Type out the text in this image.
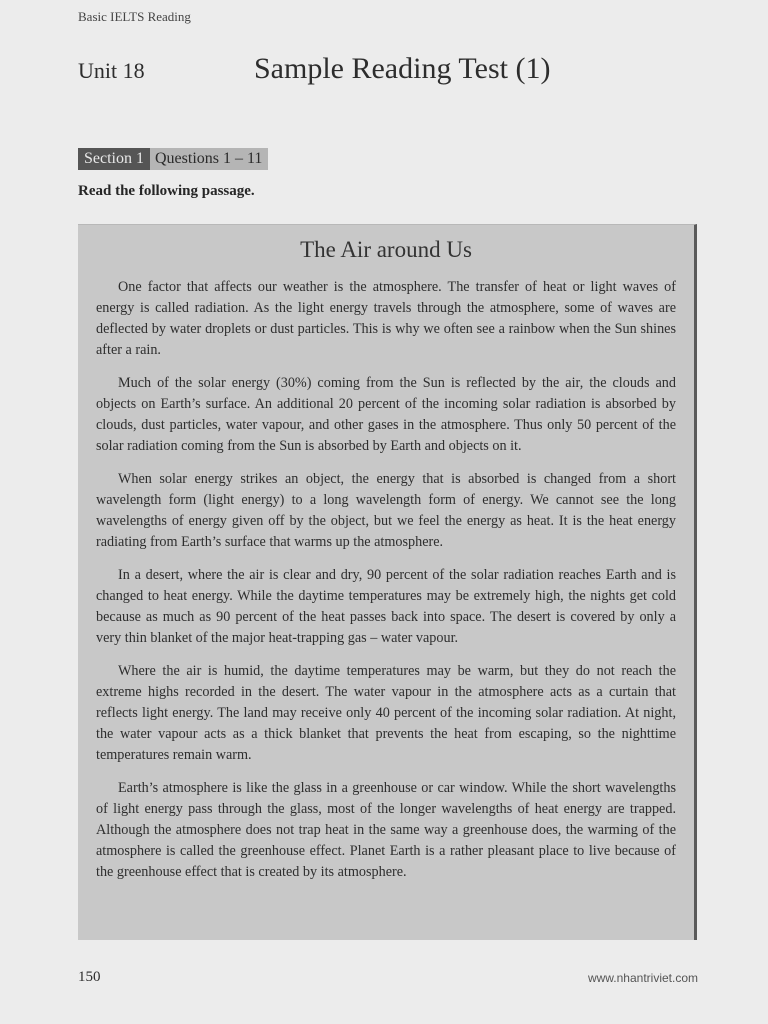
Basic IELTS Reading
Unit 18	Sample Reading Test (1)
Section 1 Questions 1 – 11
Read the following passage.
The Air around Us

One factor that affects our weather is the atmosphere. The transfer of heat or light waves of energy is called radiation. As the light energy travels through the atmosphere, some of waves are deflected by water droplets or dust particles. This is why we often see a rainbow when the Sun shines after a rain.

Much of the solar energy (30%) coming from the Sun is reflected by the air, the clouds and objects on Earth’s surface. An additional 20 percent of the incoming solar radiation is absorbed by clouds, dust particles, water vapour, and other gases in the atmosphere. Thus only 50 percent of the solar radiation coming from the Sun is absorbed by Earth and objects on it.

When solar energy strikes an object, the energy that is absorbed is changed from a short wavelength form (light energy) to a long wavelength form of energy. We cannot see the long wavelengths of energy given off by the object, but we feel the energy as heat. It is the heat energy radiating from Earth’s surface that warms up the atmosphere.

In a desert, where the air is clear and dry, 90 percent of the solar radiation reaches Earth and is changed to heat energy. While the daytime temperatures may be extremely high, the nights get cold because as much as 90 percent of the heat passes back into space. The desert is covered by only a very thin blanket of the major heat-trapping gas – water vapour.

Where the air is humid, the daytime temperatures may be warm, but they do not reach the extreme highs recorded in the desert. The water vapour in the atmosphere acts as a curtain that reflects light energy. The land may receive only 40 percent of the incoming solar radiation. At night, the water vapour acts as a thick blanket that prevents the heat from escaping, so the nighttime temperatures remain warm.

Earth’s atmosphere is like the glass in a greenhouse or car window. While the short wavelengths of light energy pass through the glass, most of the longer wavelengths of heat energy are trapped. Although the atmosphere does not trap heat in the same way a greenhouse does, the warming of the atmosphere is called the greenhouse effect. Planet Earth is a rather pleasant place to live because of the greenhouse effect that is created by its atmosphere.

150	www.nhantriviet.com
